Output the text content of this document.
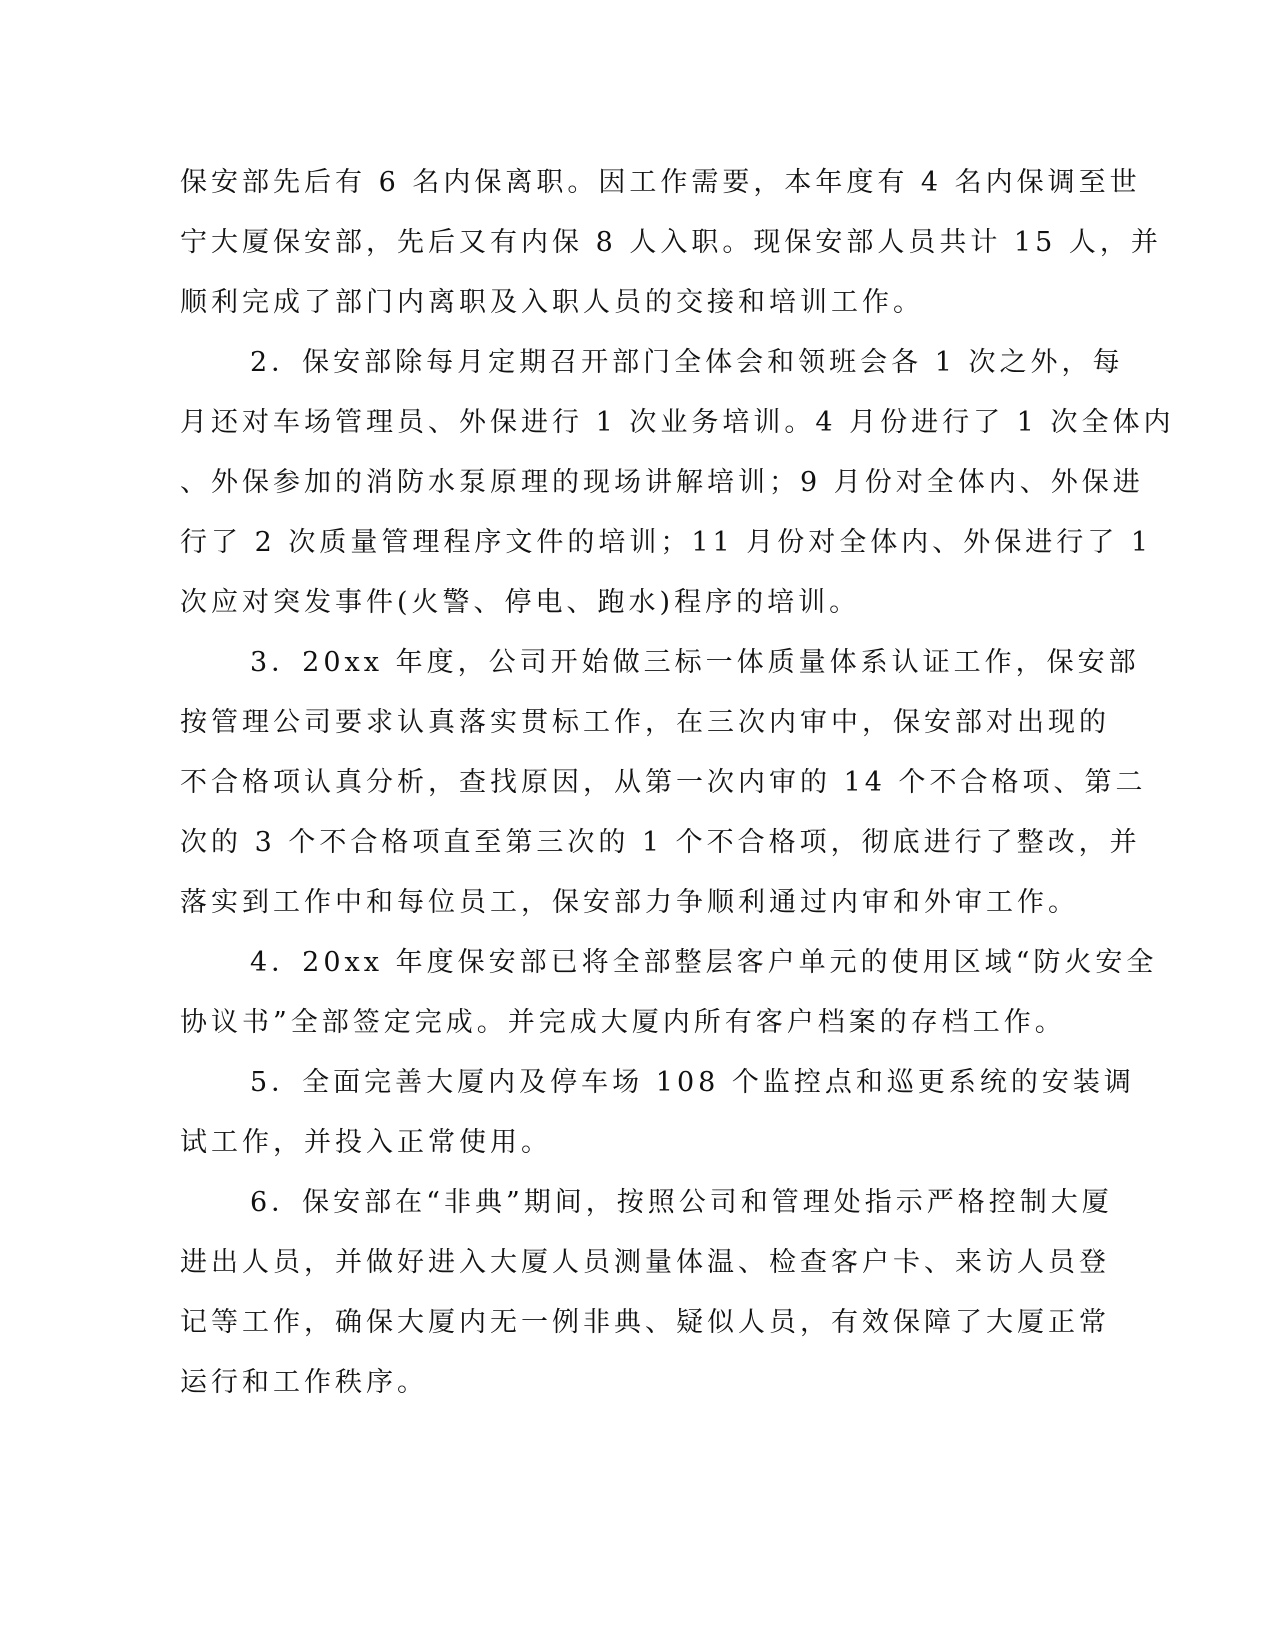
保安部先后有 6 名内保离职。因工作需要，本年度有 4 名内保调至世
宁大厦保安部，先后又有内保 8 人入职。现保安部人员共计 15 人，并
顺利完成了部门内离职及入职人员的交接和培训工作。
2．保安部除每月定期召开部门全体会和领班会各 1 次之外，每
月还对车场管理员、外保进行 1 次业务培训。4 月份进行了 1 次全体内
、外保参加的消防水泵原理的现场讲解培训；9 月份对全体内、外保进
行了 2 次质量管理程序文件的培训；11 月份对全体内、外保进行了 1
次应对突发事件(火警、停电、跑水)程序的培训。
3．20xx 年度，公司开始做三标一体质量体系认证工作，保安部
按管理公司要求认真落实贯标工作，在三次内审中，保安部对出现的
不合格项认真分析，查找原因，从第一次内审的 14 个不合格项、第二
次的 3 个不合格项直至第三次的 1 个不合格项，彻底进行了整改，并
落实到工作中和每位员工，保安部力争顺利通过内审和外审工作。
4．20xx 年度保安部已将全部整层客户单元的使用区域“防火安全
协议书”全部签定完成。并完成大厦内所有客户档案的存档工作。
5．全面完善大厦内及停车场 108 个监控点和巡更系统的安装调
试工作，并投入正常使用。
6．保安部在“非典”期间，按照公司和管理处指示严格控制大厦
进出人员，并做好进入大厦人员测量体温、检查客户卡、来访人员登
记等工作，确保大厦内无一例非典、疑似人员，有效保障了大厦正常
运行和工作秩序。
